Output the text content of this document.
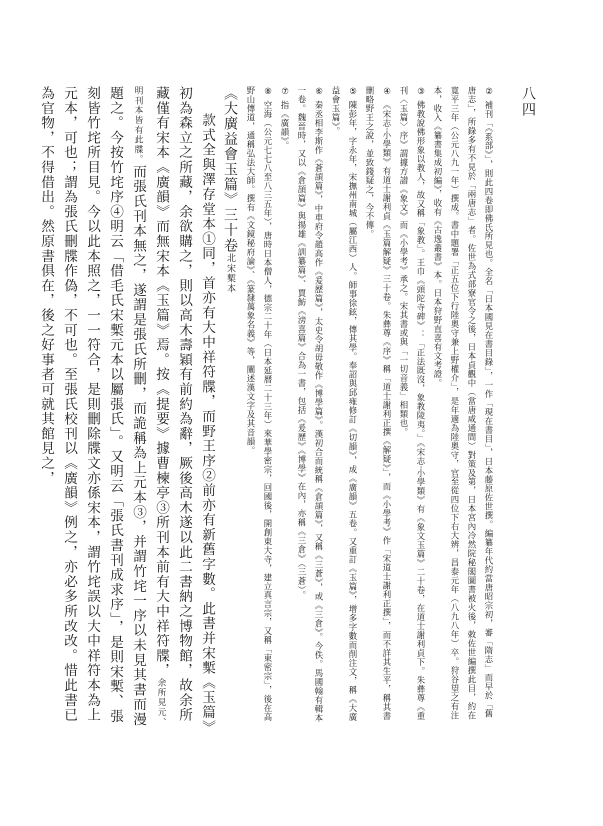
八四

②補刊「《系部》」，則此四卷即佛氏所見也。全名「日本國見在書目錄」，一作「現在書目」，日本藤原佐世撰。編纂年代約當唐昭宗初，審「隋志」而早於「舊唐志」，所錄多有不見於「兩唐志」者。佐世為式部寮官令之後，日本貞觀中（當唐咸通間）對策及第，日本宮內冷然院秘閣圖書被火後，敕佐世編撰此目，約在寬平三年（公元八九一年）撰成。書中題署「正五位下行陸奧守兼上野權介」，是年適為陸奧守，官至從四位下右大辨，昌泰元年（八九八年）卒。狩谷望之有注本，收入《纂書集成初編》，收有《古逸叢書》本。日本狩野直喜有文考證。

③佛教說佛形象以教人，故又稱「象教」。王巾《頭陀寺碑》：「正法既沒，象教陵夷。」《宋志·小學類》有《象文玉篇》二十卷，在道士謝利貞下。朱彝尊《重刊〈玉篇〉序》謂據方譜《象文》而《小學考》承之。宋其書或與「一切音義」相類也。

④《宋志·小學類》有道士謝利貞《玉篇解疑》三十卷。朱彝尊《序》稱「道士謝利正撰《解疑》」，而《小學考》作「宋道士謝利正撰」，而不詳其生平，稱其書刪略野王之說，並致錢疑之，今不傳。

⑤陳彭年，字永年，宋撫州南城（屬江西）人。師事徐鉉，傳其學。奉詔與邱雍修訂《切韻》，成《廣韻》五卷。又重訂《玉篇》，增多字數而削注文，稱《大廣益會玉篇》。

⑥秦丞相李斯作《蒼頡篇》，中車府令趙高作《爰歷篇》，太史令胡毋敬作《博學篇》。漢初合而統稱《倉頡篇》，又稱《三蒼》，或《三倉》。今佚。馬國翰有輯本一卷。魏晉時，又以《倉頡篇》與揚雄《訓纂篇》、賈魴《滂喜篇》合為一書，包括《爰歷》《博學》在內，亦稱《三倉》（三蒼）。

⑦指《廣韻》。

⑧空海（公元七七八至八三五年），唐時日本僧人，德宗二十年（日本延曆二十三年）來華學密宗，回國後，開創東大寺，建立真言宗，又稱「東密宗」，後在高野山傳道，通稱弘法大師。撰有《文鏡秘府論》、《篆隸萬象名義》等，闡述漢文字及其音韻。

《大廣益會玉篇》三十卷北宋槧本

款式全與澤存堂本①同，首亦有大中祥符牒，而野王序②前亦有新舊字數。此書并宋槧《玉篇》初為森立之所藏，余欲購之，則以高木壽穎有前約為辭，厥後高木遂以此二書納之博物館，故余所藏僅有宋本《廣韻》而無宋本《玉篇》焉。按《提要》據曹楝亭③所刊本前有大中祥符牒，余所見元、明刊本皆有此牒。而張氏刊本無之，遂謂是張氏所刪，而詭稱為上元本③，并謂竹垞一序以未見其書而漫題之。今按竹垞序④明云「借毛氏宋槧元本以屬張氏」。又明云「張氏書刊成求序」，是則宋槧、張刻皆竹垞所目見。今以此本照之，一一符合，是則刪除牒文亦係宋本，謂竹垞誤以大中祥符本為上元本，可也；謂為張氏刪牒作偽，不可也。至張氏校刊以《廣韻》例之，亦必多所改改。惜此書已為官物，不得借出。然原書俱在，後之好事者可就其館見之，
